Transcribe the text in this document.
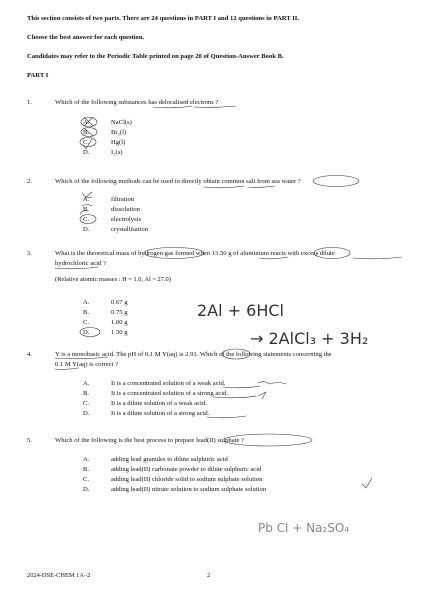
This section consists of two parts. There are 24 questions in PART I and 12 questions in PART II.
Choose the best answer for each question.
Candidates may refer to the Periodic Table printed on page 20 of Question-Answer Book B.
PART I
1.	Which of the following substances has delocalised electrons ?
A.	NaCl(s)
B.	Br₂(l)
C.	Hg(l)
D.	I₂(s)
2.	Which of the following methods can be used to directly obtain common salt from sea water ?
A.	filtration
B.	dissolution
C.	electrolysis
D.	crystallisation
3.	What is the theoretical mass of hydrogen gas formed when 13.50 g of aluminium reacts with excess dilute
hydrochloric acid ?
(Relative atomic masses : H = 1.0, Al = 27.0)
A.	0.67 g
B.	0.75 g
C.	1.00 g
D.	1.50 g
4.	Y is a monobasic acid. The pH of 0.1 M Y(aq) is 2.91. Which of the following statements concerning the
0.1 M Y(aq) is correct ?
A.	It is a concentrated solution of a weak acid.
B.	It is a concentrated solution of a strong acid.
C.	It is a dilute solution of a weak acid.
D.	It is a dilute solution of a strong acid.
5.	Which of the following is the best process to prepare lead(II) sulphate ?
A.	adding lead granules to dilute sulphuric acid
B.	adding lead(II) carbonate powder to dilute sulphuric acid
C.	adding lead(II) chloride solid to sodium sulphate solution
D.	adding lead(II) nitrate solution to sodium sulphate solution
2024-DSE-CHEM 1A–2	2
2Al + 6HCl
→ 2AlCl₃ + 3H₂
Pb Cl + Na₂SO₄
